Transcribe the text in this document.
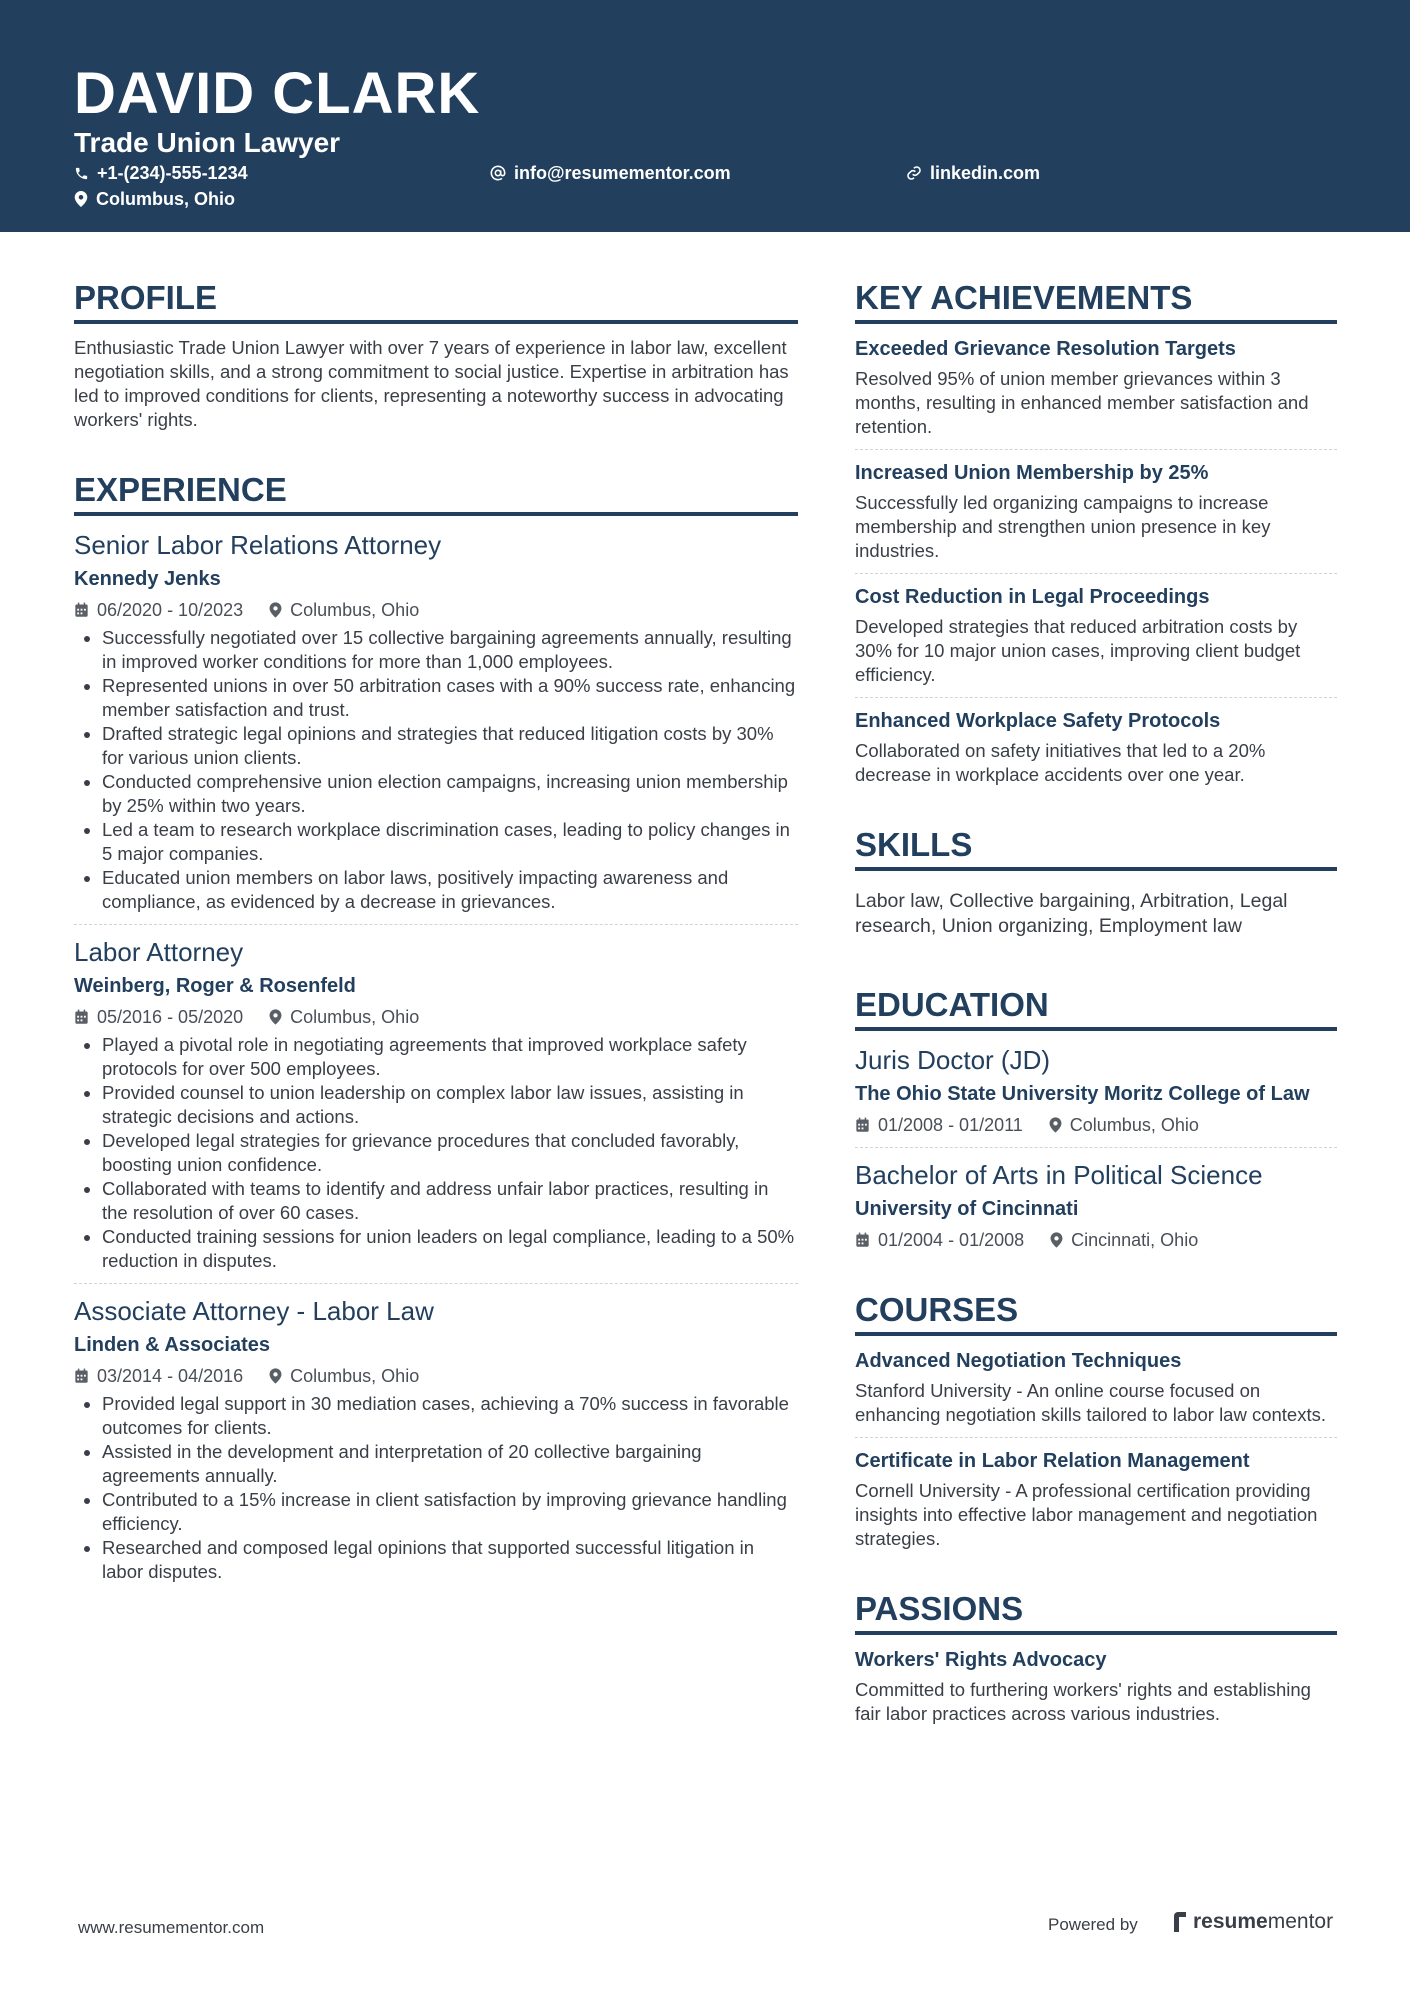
DAVID CLARK
Trade Union Lawyer
+1-(234)-555-1234	info@resumementor.com	linkedin.com
Columbus, Ohio
PROFILE
Enthusiastic Trade Union Lawyer with over 7 years of experience in labor law, excellent negotiation skills, and a strong commitment to social justice. Expertise in arbitration has led to improved conditions for clients, representing a noteworthy success in advocating workers' rights.
EXPERIENCE
Senior Labor Relations Attorney
Kennedy Jenks
06/2020 - 10/2023	Columbus, Ohio
• Successfully negotiated over 15 collective bargaining agreements annually, resulting in improved worker conditions for more than 1,000 employees.
• Represented unions in over 50 arbitration cases with a 90% success rate, enhancing member satisfaction and trust.
• Drafted strategic legal opinions and strategies that reduced litigation costs by 30% for various union clients.
• Conducted comprehensive union election campaigns, increasing union membership by 25% within two years.
• Led a team to research workplace discrimination cases, leading to policy changes in 5 major companies.
• Educated union members on labor laws, positively impacting awareness and compliance, as evidenced by a decrease in grievances.
Labor Attorney
Weinberg, Roger & Rosenfeld
05/2016 - 05/2020	Columbus, Ohio
• Played a pivotal role in negotiating agreements that improved workplace safety protocols for over 500 employees.
• Provided counsel to union leadership on complex labor law issues, assisting in strategic decisions and actions.
• Developed legal strategies for grievance procedures that concluded favorably, boosting union confidence.
• Collaborated with teams to identify and address unfair labor practices, resulting in the resolution of over 60 cases.
• Conducted training sessions for union leaders on legal compliance, leading to a 50% reduction in disputes.
Associate Attorney - Labor Law
Linden & Associates
03/2014 - 04/2016	Columbus, Ohio
• Provided legal support in 30 mediation cases, achieving a 70% success in favorable outcomes for clients.
• Assisted in the development and interpretation of 20 collective bargaining agreements annually.
• Contributed to a 15% increase in client satisfaction by improving grievance handling efficiency.
• Researched and composed legal opinions that supported successful litigation in labor disputes.
KEY ACHIEVEMENTS
Exceeded Grievance Resolution Targets
Resolved 95% of union member grievances within 3 months, resulting in enhanced member satisfaction and retention.
Increased Union Membership by 25%
Successfully led organizing campaigns to increase membership and strengthen union presence in key industries.
Cost Reduction in Legal Proceedings
Developed strategies that reduced arbitration costs by 30% for 10 major union cases, improving client budget efficiency.
Enhanced Workplace Safety Protocols
Collaborated on safety initiatives that led to a 20% decrease in workplace accidents over one year.
SKILLS
Labor law, Collective bargaining, Arbitration, Legal research, Union organizing, Employment law
EDUCATION
Juris Doctor (JD)
The Ohio State University Moritz College of Law
01/2008 - 01/2011	Columbus, Ohio
Bachelor of Arts in Political Science
University of Cincinnati
01/2004 - 01/2008	Cincinnati, Ohio
COURSES
Advanced Negotiation Techniques
Stanford University - An online course focused on enhancing negotiation skills tailored to labor law contexts.
Certificate in Labor Relation Management
Cornell University - A professional certification providing insights into effective labor management and negotiation strategies.
PASSIONS
Workers' Rights Advocacy
Committed to furthering workers' rights and establishing fair labor practices across various industries.
www.resumementor.com	Powered by	resume mentor
